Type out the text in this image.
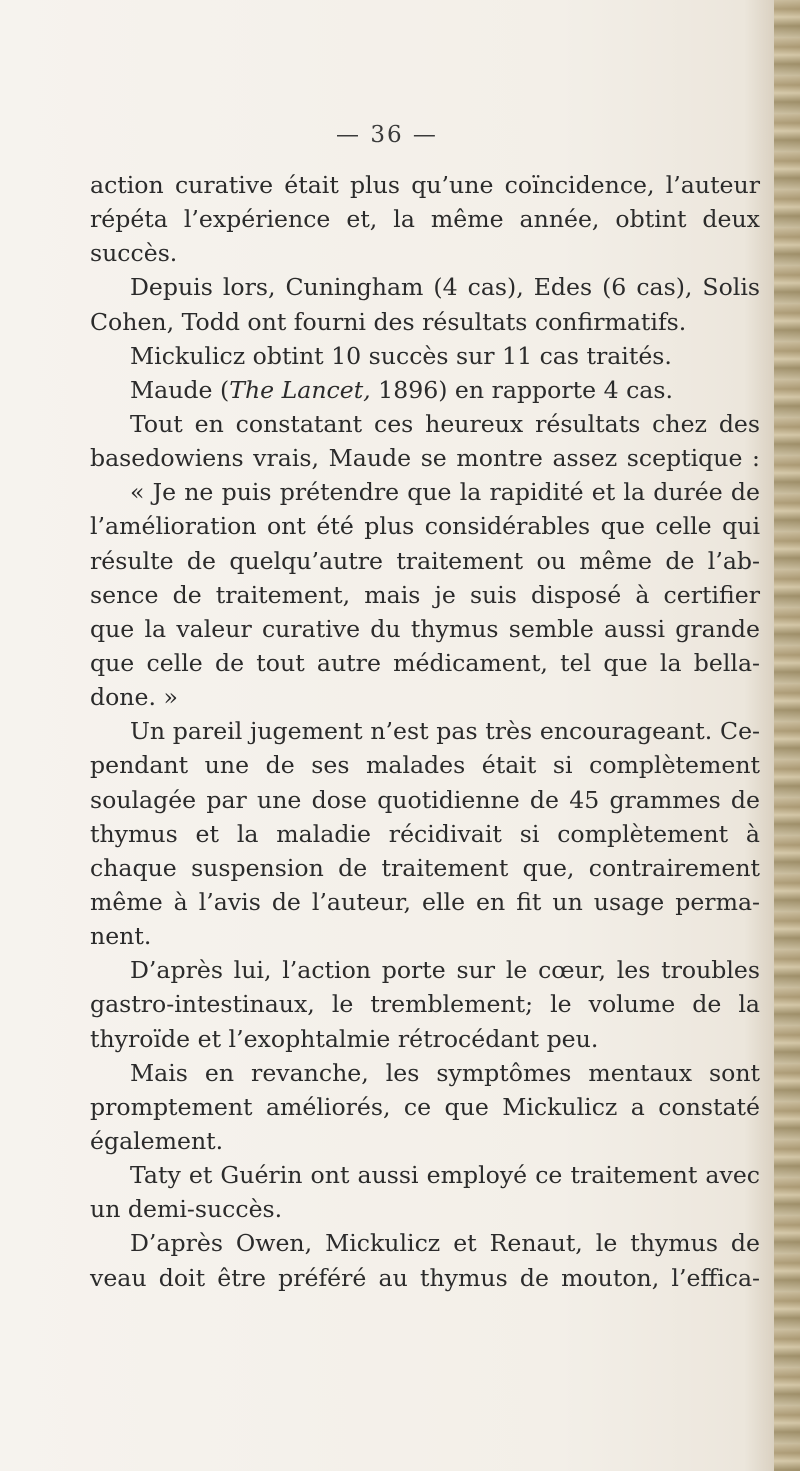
— 36 —
action curative était plus qu’une coïncidence, l’auteur
répéta l’expérience et, la même année, obtint deux
succès.
Depuis lors, Cuningham (4 cas), Edes (6 cas), Solis
Cohen, Todd ont fourni des résultats confirmatifs.
Mickulicz obtint 10 succès sur 11 cas traités.
Maude (The Lancet, 1896) en rapporte 4 cas.
Tout en constatant ces heureux résultats chez des
basedowiens vrais, Maude se montre assez sceptique :
« Je ne puis prétendre que la rapidité et la durée de
l’amélioration ont été plus considérables que celle qui
résulte de quelqu’autre traitement ou même de l’ab-
sence de traitement, mais je suis disposé à certifier
que la valeur curative du thymus semble aussi grande
que celle de tout autre médicament, tel que la bella-
done. »
Un pareil jugement n’est pas très encourageant. Ce-
pendant une de ses malades était si complètement
soulagée par une dose quotidienne de 45 grammes de
thymus et la maladie récidivait si complètement à
chaque suspension de traitement que, contrairement
même à l’avis de l’auteur, elle en fit un usage perma-
nent.
D’après lui, l’action porte sur le cœur, les troubles
gastro-intestinaux, le tremblement; le volume de la
thyroïde et l’exophtalmie rétrocédant peu.
Mais en revanche, les symptômes mentaux sont
promptement améliorés, ce que Mickulicz a constaté
également.
Taty et Guérin ont aussi employé ce traitement avec
un demi-succès.
D’après Owen, Mickulicz et Renaut, le thymus de
veau doit être préféré au thymus de mouton, l’effica-
